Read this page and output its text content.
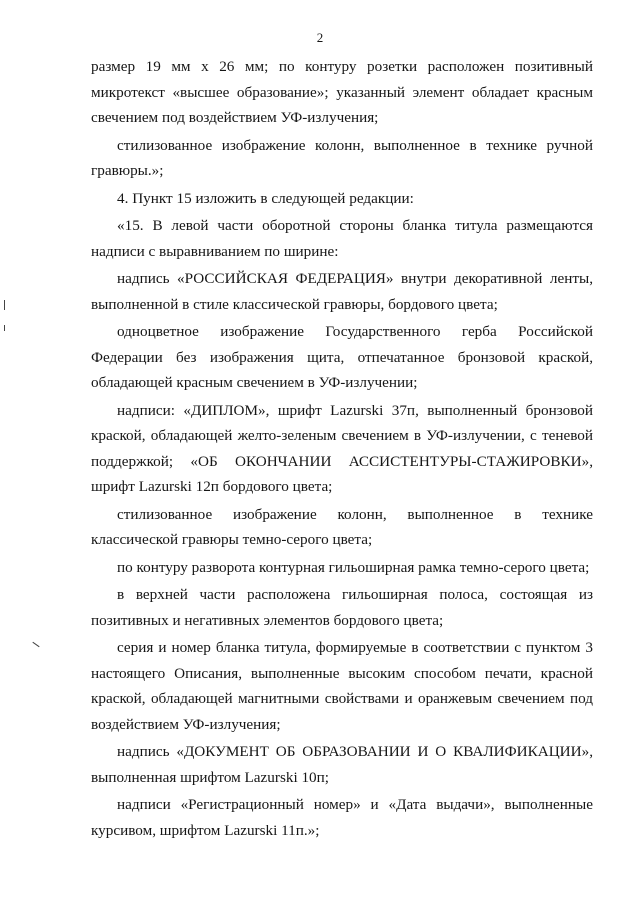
2

размер 19 мм х 26 мм; по контуру розетки расположен позитивный микротекст «высшее образование»; указанный элемент обладает красным свечением под воздействием УФ-излучения;

стилизованное изображение колонн, выполненное в технике ручной гравюры.»;

4. Пункт 15 изложить в следующей редакции:

«15. В левой части оборотной стороны бланка титула размещаются надписи с выравниванием по ширине:

надпись «РОССИЙСКАЯ ФЕДЕРАЦИЯ» внутри декоративной ленты, выполненной в стиле классической гравюры, бордового цвета;

одноцветное изображение Государственного герба Российской Федерации без изображения щита, отпечатанное бронзовой краской, обладающей красным свечением в УФ-излучении;

надписи: «ДИПЛОМ», шрифт Lazurski 37п, выполненный бронзовой краской, обладающей желто-зеленым свечением в УФ-излучении, с теневой поддержкой; «ОБ ОКОНЧАНИИ АССИСТЕНТУРЫ-СТАЖИРОВКИ», шрифт Lazurski 12п бордового цвета;

стилизованное изображение колонн, выполненное в технике классической гравюры темно-серого цвета;

по контуру разворота контурная гильоширная рамка темно-серого цвета;

в верхней части расположена гильоширная полоса, состоящая из позитивных и негативных элементов бордового цвета;

серия и номер бланка титула, формируемые в соответствии с пунктом 3 настоящего Описания, выполненные высоким способом печати, красной краской, обладающей магнитными свойствами и оранжевым свечением под воздействием УФ-излучения;

надпись «ДОКУМЕНТ ОБ ОБРАЗОВАНИИ И О КВАЛИФИКАЦИИ», выполненная шрифтом Lazurski 10п;

надписи «Регистрационный номер» и «Дата выдачи», выполненные курсивом, шрифтом Lazurski 11п.»;
